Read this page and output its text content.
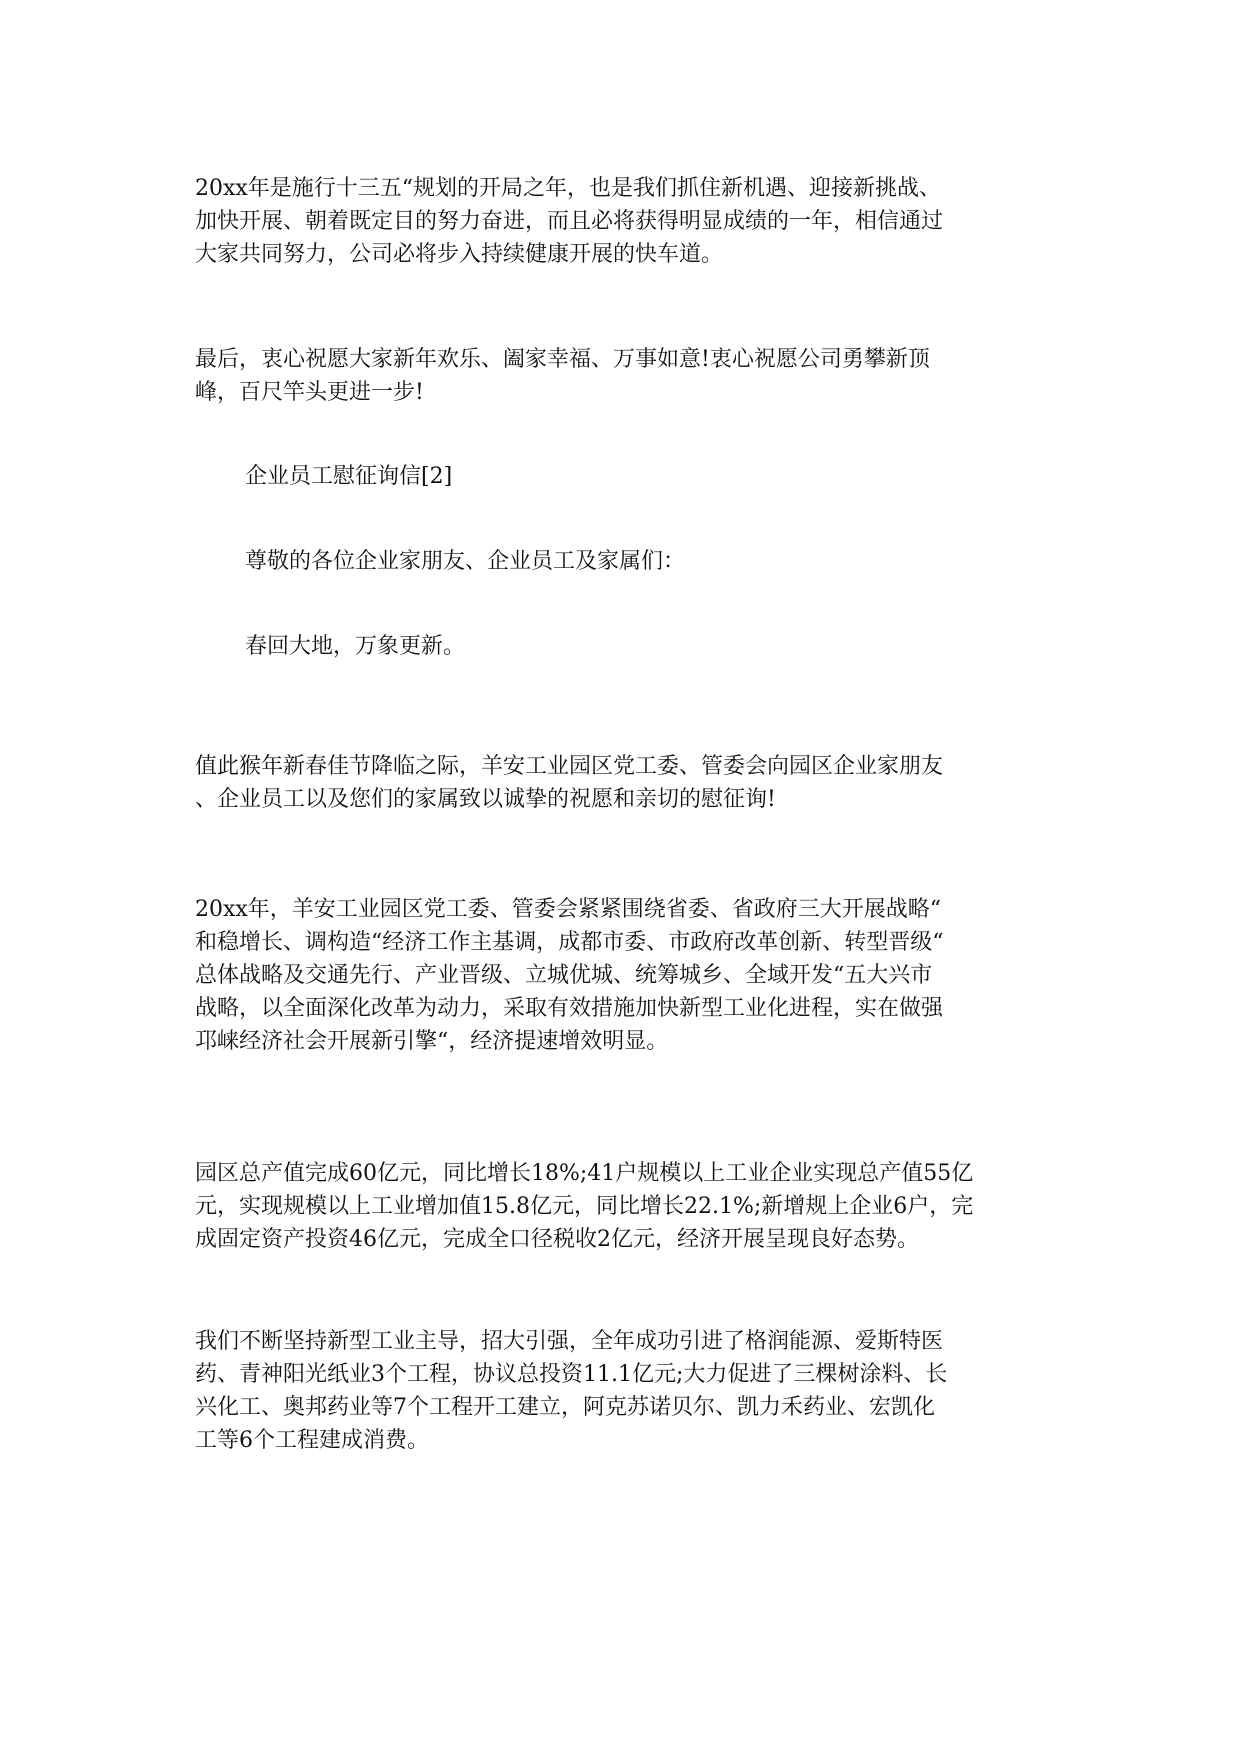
20xx年是施行十三五“规划的开局之年，也是我们抓住新机遇、迎接新挑战、
加快开展、朝着既定目的努力奋进，而且必将获得明显成绩的一年，相信通过
大家共同努力，公司必将步入持续健康开展的快车道。

最后，衷心祝愿大家新年欢乐、阖家幸福、万事如意!衷心祝愿公司勇攀新顶
峰，百尺竿头更进一步!

企业员工慰征询信[2]

尊敬的各位企业家朋友、企业员工及家属们：

春回大地，万象更新。

值此猴年新春佳节降临之际，羊安工业园区党工委、管委会向园区企业家朋友
、企业员工以及您们的家属致以诚挚的祝愿和亲切的慰征询!

20xx年，羊安工业园区党工委、管委会紧紧围绕省委、省政府三大开展战略“
和稳增长、调构造“经济工作主基调，成都市委、市政府改革创新、转型晋级“
总体战略及交通先行、产业晋级、立城优城、统筹城乡、全域开发“五大兴市
战略，以全面深化改革为动力，采取有效措施加快新型工业化进程，实在做强
邛崃经济社会开展新引擎“，经济提速增效明显。

园区总产值完成60亿元，同比增长18%;41户规模以上工业企业实现总产值55亿
元，实现规模以上工业增加值15.8亿元，同比增长22.1%;新增规上企业6户，完
成固定资产投资46亿元，完成全口径税收2亿元，经济开展呈现良好态势。

我们不断坚持新型工业主导，招大引强，全年成功引进了格润能源、爱斯特医
药、青神阳光纸业3个工程，协议总投资11.1亿元;大力促进了三棵树涂料、长
兴化工、奥邦药业等7个工程开工建立，阿克苏诺贝尔、凯力禾药业、宏凯化
工等6个工程建成消费。
